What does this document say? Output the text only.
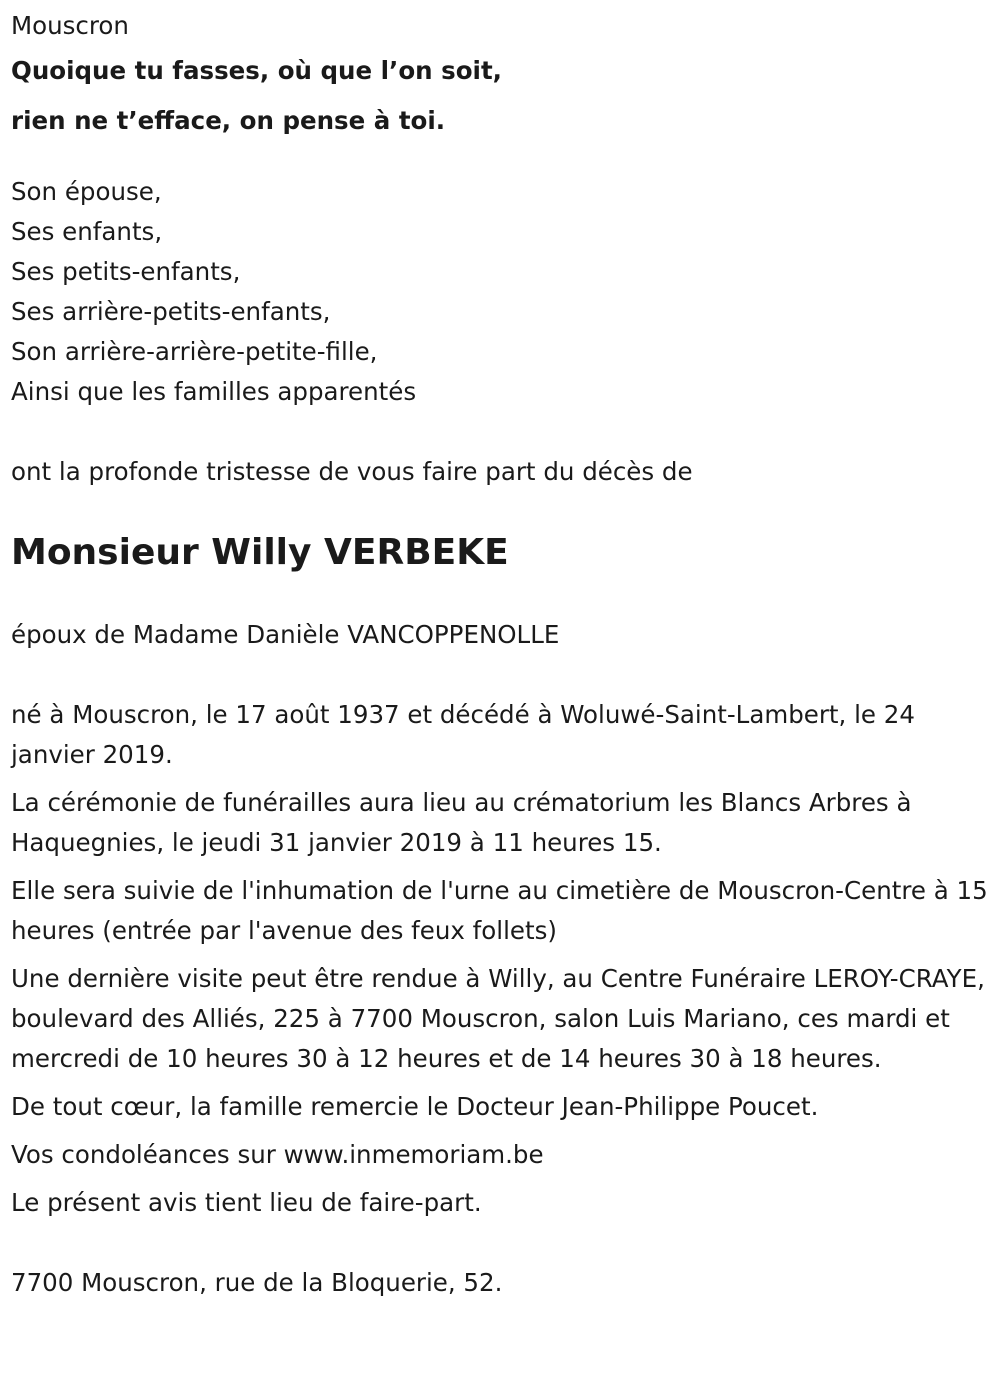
Mouscron
Quoique tu fasses, où que l’on soit,
rien ne t’efface, on pense à toi.
Son épouse,
Ses enfants,
Ses petits-enfants,
Ses arrière-petits-enfants,
Son arrière-arrière-petite-fille,
Ainsi que les familles apparentés
ont la profonde tristesse de vous faire part du décès de
Monsieur Willy VERBEKE
époux de Madame Danièle VANCOPPENOLLE
né à Mouscron, le 17 août 1937 et décédé à Woluwé-Saint-Lambert, le 24 janvier 2019.
La cérémonie de funérailles aura lieu au crématorium les Blancs Arbres à Haquegnies, le jeudi 31 janvier 2019 à 11 heures 15.
Elle sera suivie de l'inhumation de l'urne au cimetière de Mouscron-Centre à 15 heures (entrée par l'avenue des feux follets)
Une dernière visite peut être rendue à Willy, au Centre Funéraire LEROY-CRAYE, boulevard des Alliés, 225 à 7700 Mouscron, salon Luis Mariano, ces mardi et mercredi de 10 heures 30 à 12 heures et de 14 heures 30 à 18 heures.
De tout cœur, la famille remercie le Docteur Jean-Philippe Poucet.
Vos condoléances sur www.inmemoriam.be
Le présent avis tient lieu de faire-part.
7700 Mouscron, rue de la Bloquerie, 52.
